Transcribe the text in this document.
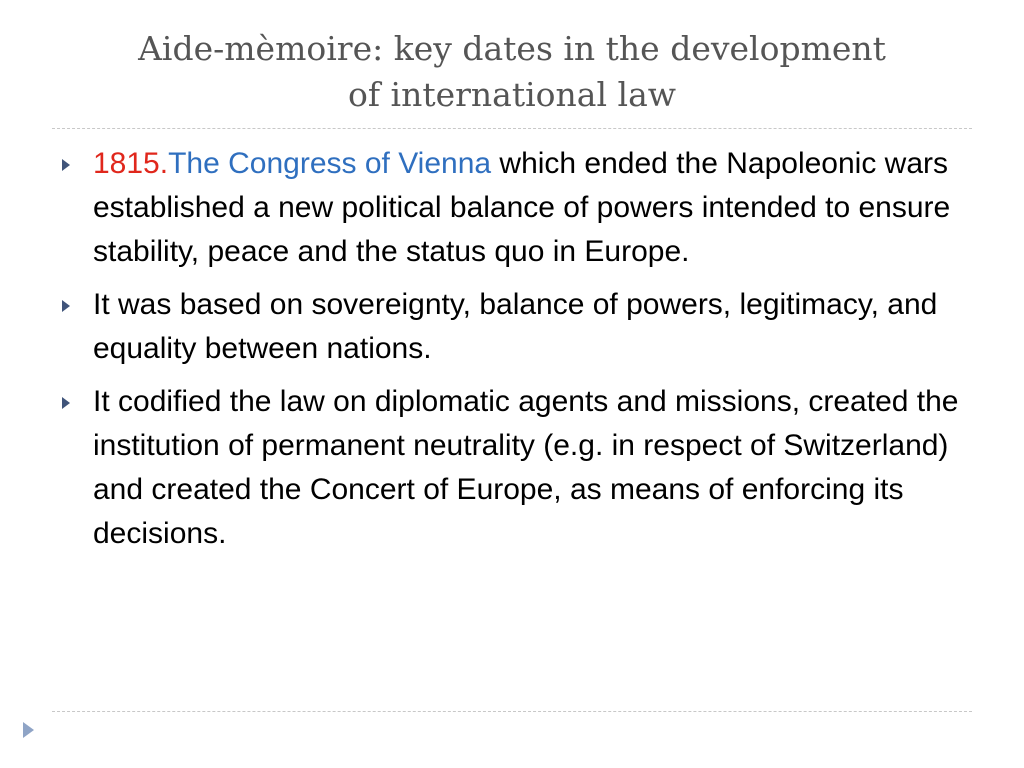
Aide-mèmoire: key dates in the development
of international law
1815.The Congress of Vienna which ended the Napoleonic wars established a new political balance of powers intended to ensure stability, peace and the status quo in Europe.
It was based on sovereignty, balance of powers, legitimacy, and equality between nations.
It codified the law on diplomatic agents and missions, created the institution of permanent neutrality (e.g. in respect of Switzerland) and created the Concert of Europe, as means of enforcing its decisions.
